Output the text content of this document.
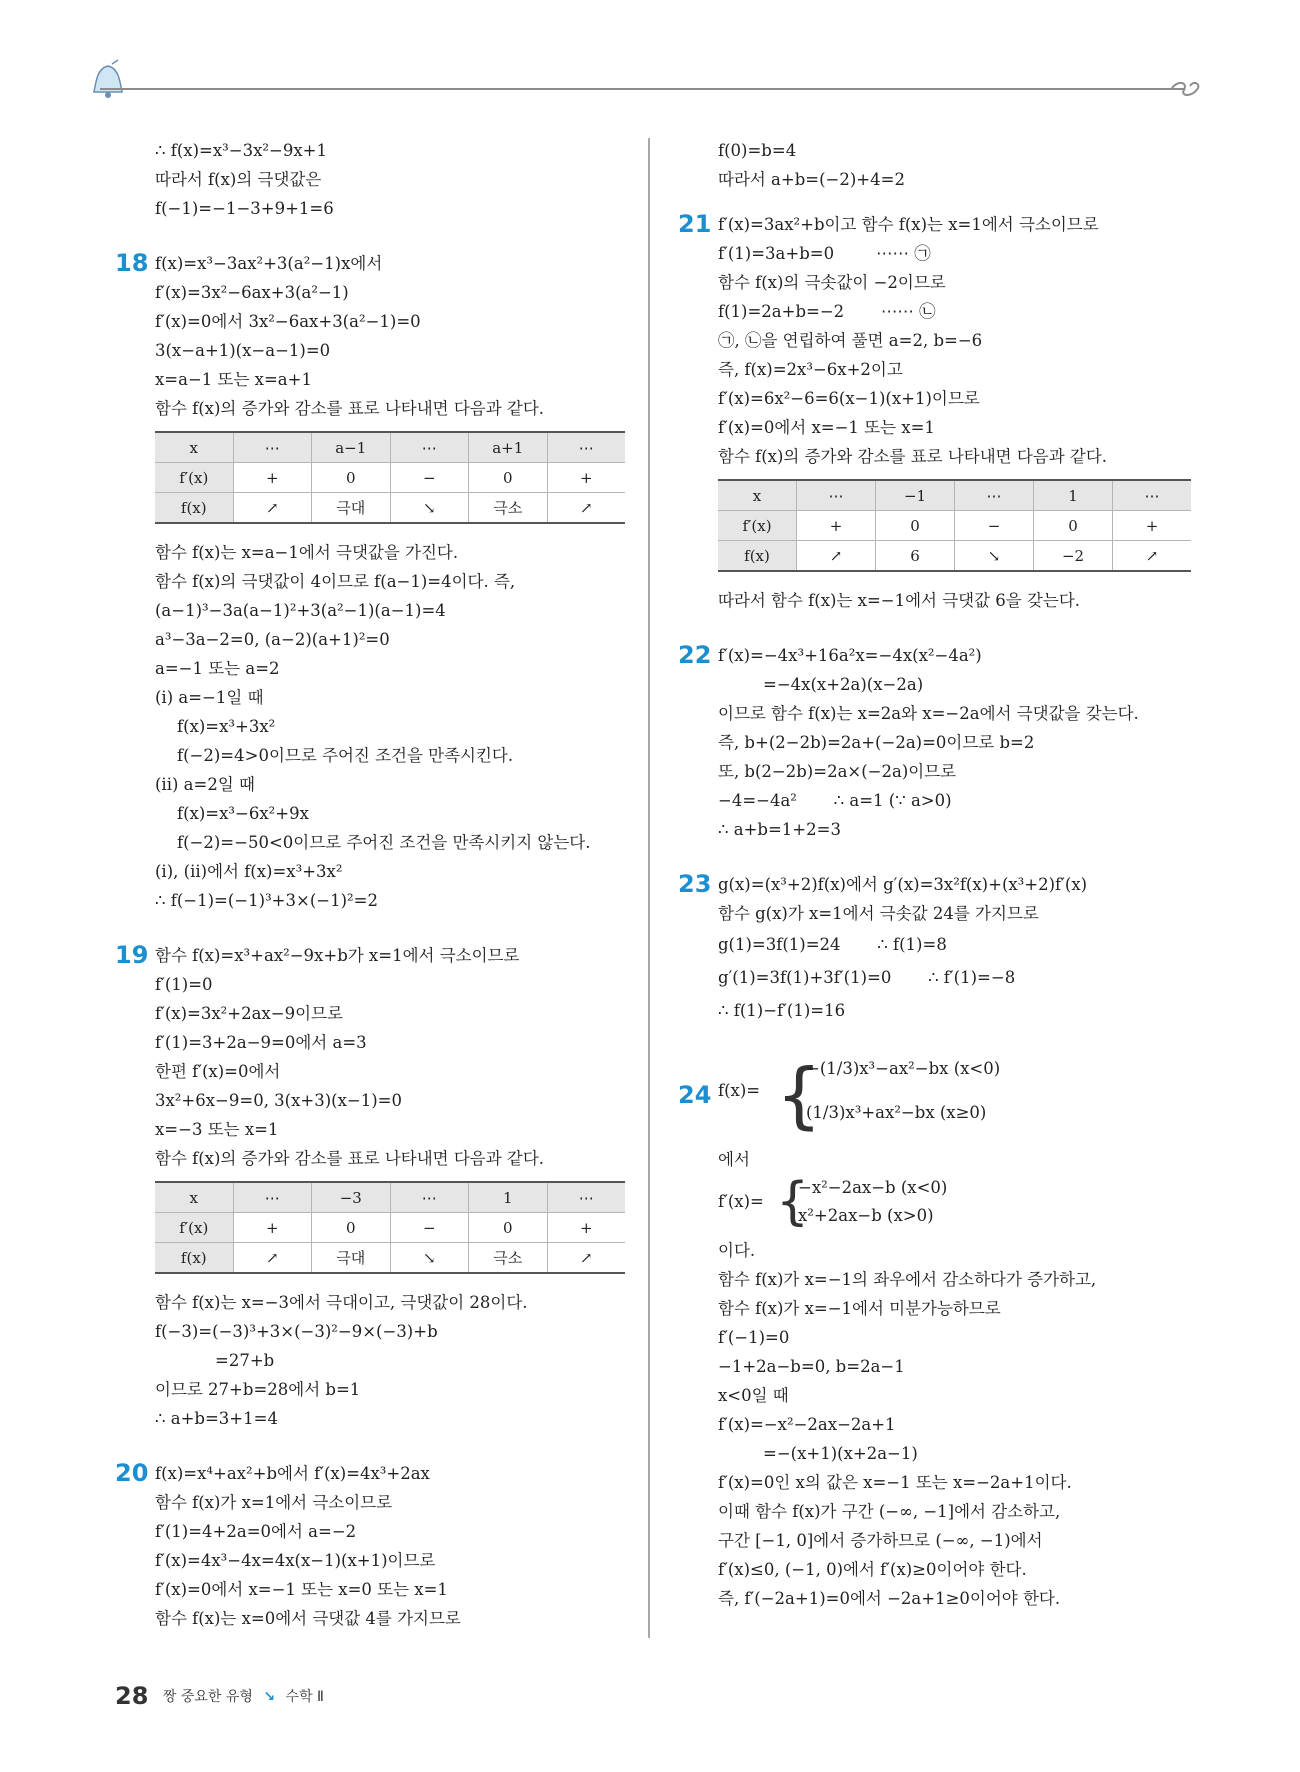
∴ f(x)=x³−3x²−9x+1
따라서 f(x)의 극댓값은
f(−1)=−1−3+9+1=6
18 f(x)=x³−3ax²+3(a²−1)x에서
f′(x)=3x²−6ax+3(a²−1)
f′(x)=0에서 3x²−6ax+3(a²−1)=0
3(x−a+1)(x−a−1)=0
x=a−1 또는 x=a+1
함수 f(x)의 증가와 감소를 표로 나타내면 다음과 같다.
x	⋯	a−1	⋯	a+1	⋯
f′(x)	+	0	−	0	+
f(x)	↗	극대	↘	극소	↗
함수 f(x)는 x=a−1에서 극댓값을 가진다.
함수 f(x)의 극댓값이 4이므로 f(a−1)=4이다. 즉,
(a−1)³−3a(a−1)²+3(a²−1)(a−1)=4
a³−3a−2=0, (a−2)(a+1)²=0
a=−1 또는 a=2
(i) a=−1일 때
f(x)=x³+3x²
f(−2)=4>0이므로 주어진 조건을 만족시킨다.
(ii) a=2일 때
f(x)=x³−6x²+9x
f(−2)=−50<0이므로 주어진 조건을 만족시키지 않는다.
(i), (ii)에서 f(x)=x³+3x²
∴ f(−1)=(−1)³+3×(−1)²=2
19 함수 f(x)=x³+ax²−9x+b가 x=1에서 극소이므로
f′(1)=0
f′(x)=3x²+2ax−9이므로
f′(1)=3+2a−9=0에서 a=3
한편 f′(x)=0에서
3x²+6x−9=0, 3(x+3)(x−1)=0
x=−3 또는 x=1
함수 f(x)의 증가와 감소를 표로 나타내면 다음과 같다.
x	⋯	−3	⋯	1	⋯
f′(x)	+	0	−	0	+
f(x)	↗	극대	↘	극소	↗
함수 f(x)는 x=−3에서 극대이고, 극댓값이 28이다.
f(−3)=(−3)³+3×(−3)²−9×(−3)+b
=27+b
이므로 27+b=28에서 b=1
∴ a+b=3+1=4
20 f(x)=x⁴+ax²+b에서 f′(x)=4x³+2ax
함수 f(x)가 x=1에서 극소이므로
f′(1)=4+2a=0에서 a=−2
f′(x)=4x³−4x=4x(x−1)(x+1)이므로
f′(x)=0에서 x=−1 또는 x=0 또는 x=1
함수 f(x)는 x=0에서 극댓값 4를 가지므로
f(0)=b=4
따라서 a+b=(−2)+4=2
21 f′(x)=3ax²+b이고 함수 f(x)는 x=1에서 극소이므로
f′(1)=3a+b=0        ⋯⋯ ㉠
함수 f(x)의 극솟값이 −2이므로
f(1)=2a+b=−2       ⋯⋯ ㉡
㉠, ㉡을 연립하여 풀면 a=2, b=−6
즉, f(x)=2x³−6x+2이고
f′(x)=6x²−6=6(x−1)(x+1)이므로
f′(x)=0에서 x=−1 또는 x=1
함수 f(x)의 증가와 감소를 표로 나타내면 다음과 같다.
x	⋯	−1	⋯	1	⋯
f′(x)	+	0	−	0	+
f(x)	↗	6	↘	−2	↗
따라서 함수 f(x)는 x=−1에서 극댓값 6을 갖는다.
22 f′(x)=−4x³+16a²x=−4x(x²−4a²)
=−4x(x+2a)(x−2a)
이므로 함수 f(x)는 x=2a와 x=−2a에서 극댓값을 갖는다.
즉, b+(2−2b)=2a+(−2a)=0이므로 b=2
또, b(2−2b)=2a×(−2a)이므로
−4=−4a²       ∴ a=1 (∵ a>0)
∴ a+b=1+2=3
23 g(x)=(x³+2)f(x)에서 g′(x)=3x²f(x)+(x³+2)f′(x)
함수 g(x)가 x=1에서 극솟값 24를 가지므로
g(1)=3f(1)=24       ∴ f(1)=8
g′(1)=3f(1)+3f′(1)=0       ∴ f′(1)=−8
∴ f(1)−f′(1)=16
24 f(x)= {
−(1/3)x³−ax²−bx (x<0)
(1/3)x³+ax²−bx (x≥0)
에서
f′(x)= {
−x²−2ax−b (x<0)
x²+2ax−b (x>0)
이다.
함수 f(x)가 x=−1의 좌우에서 감소하다가 증가하고,
함수 f(x)가 x=−1에서 미분가능하므로
f′(−1)=0
−1+2a−b=0, b=2a−1
x<0일 때
f′(x)=−x²−2ax−2a+1
=−(x+1)(x+2a−1)
f′(x)=0인 x의 값은 x=−1 또는 x=−2a+1이다.
이때 함수 f(x)가 구간 (−∞, −1]에서 감소하고,
구간 [−1, 0]에서 증가하므로 (−∞, −1)에서
f′(x)≤0, (−1, 0)에서 f′(x)≥0이어야 한다.
즉, f′(−2a+1)=0에서 −2a+1≥0이어야 한다.
28 짱 중요한 유형 ↘ 수학 Ⅱ
